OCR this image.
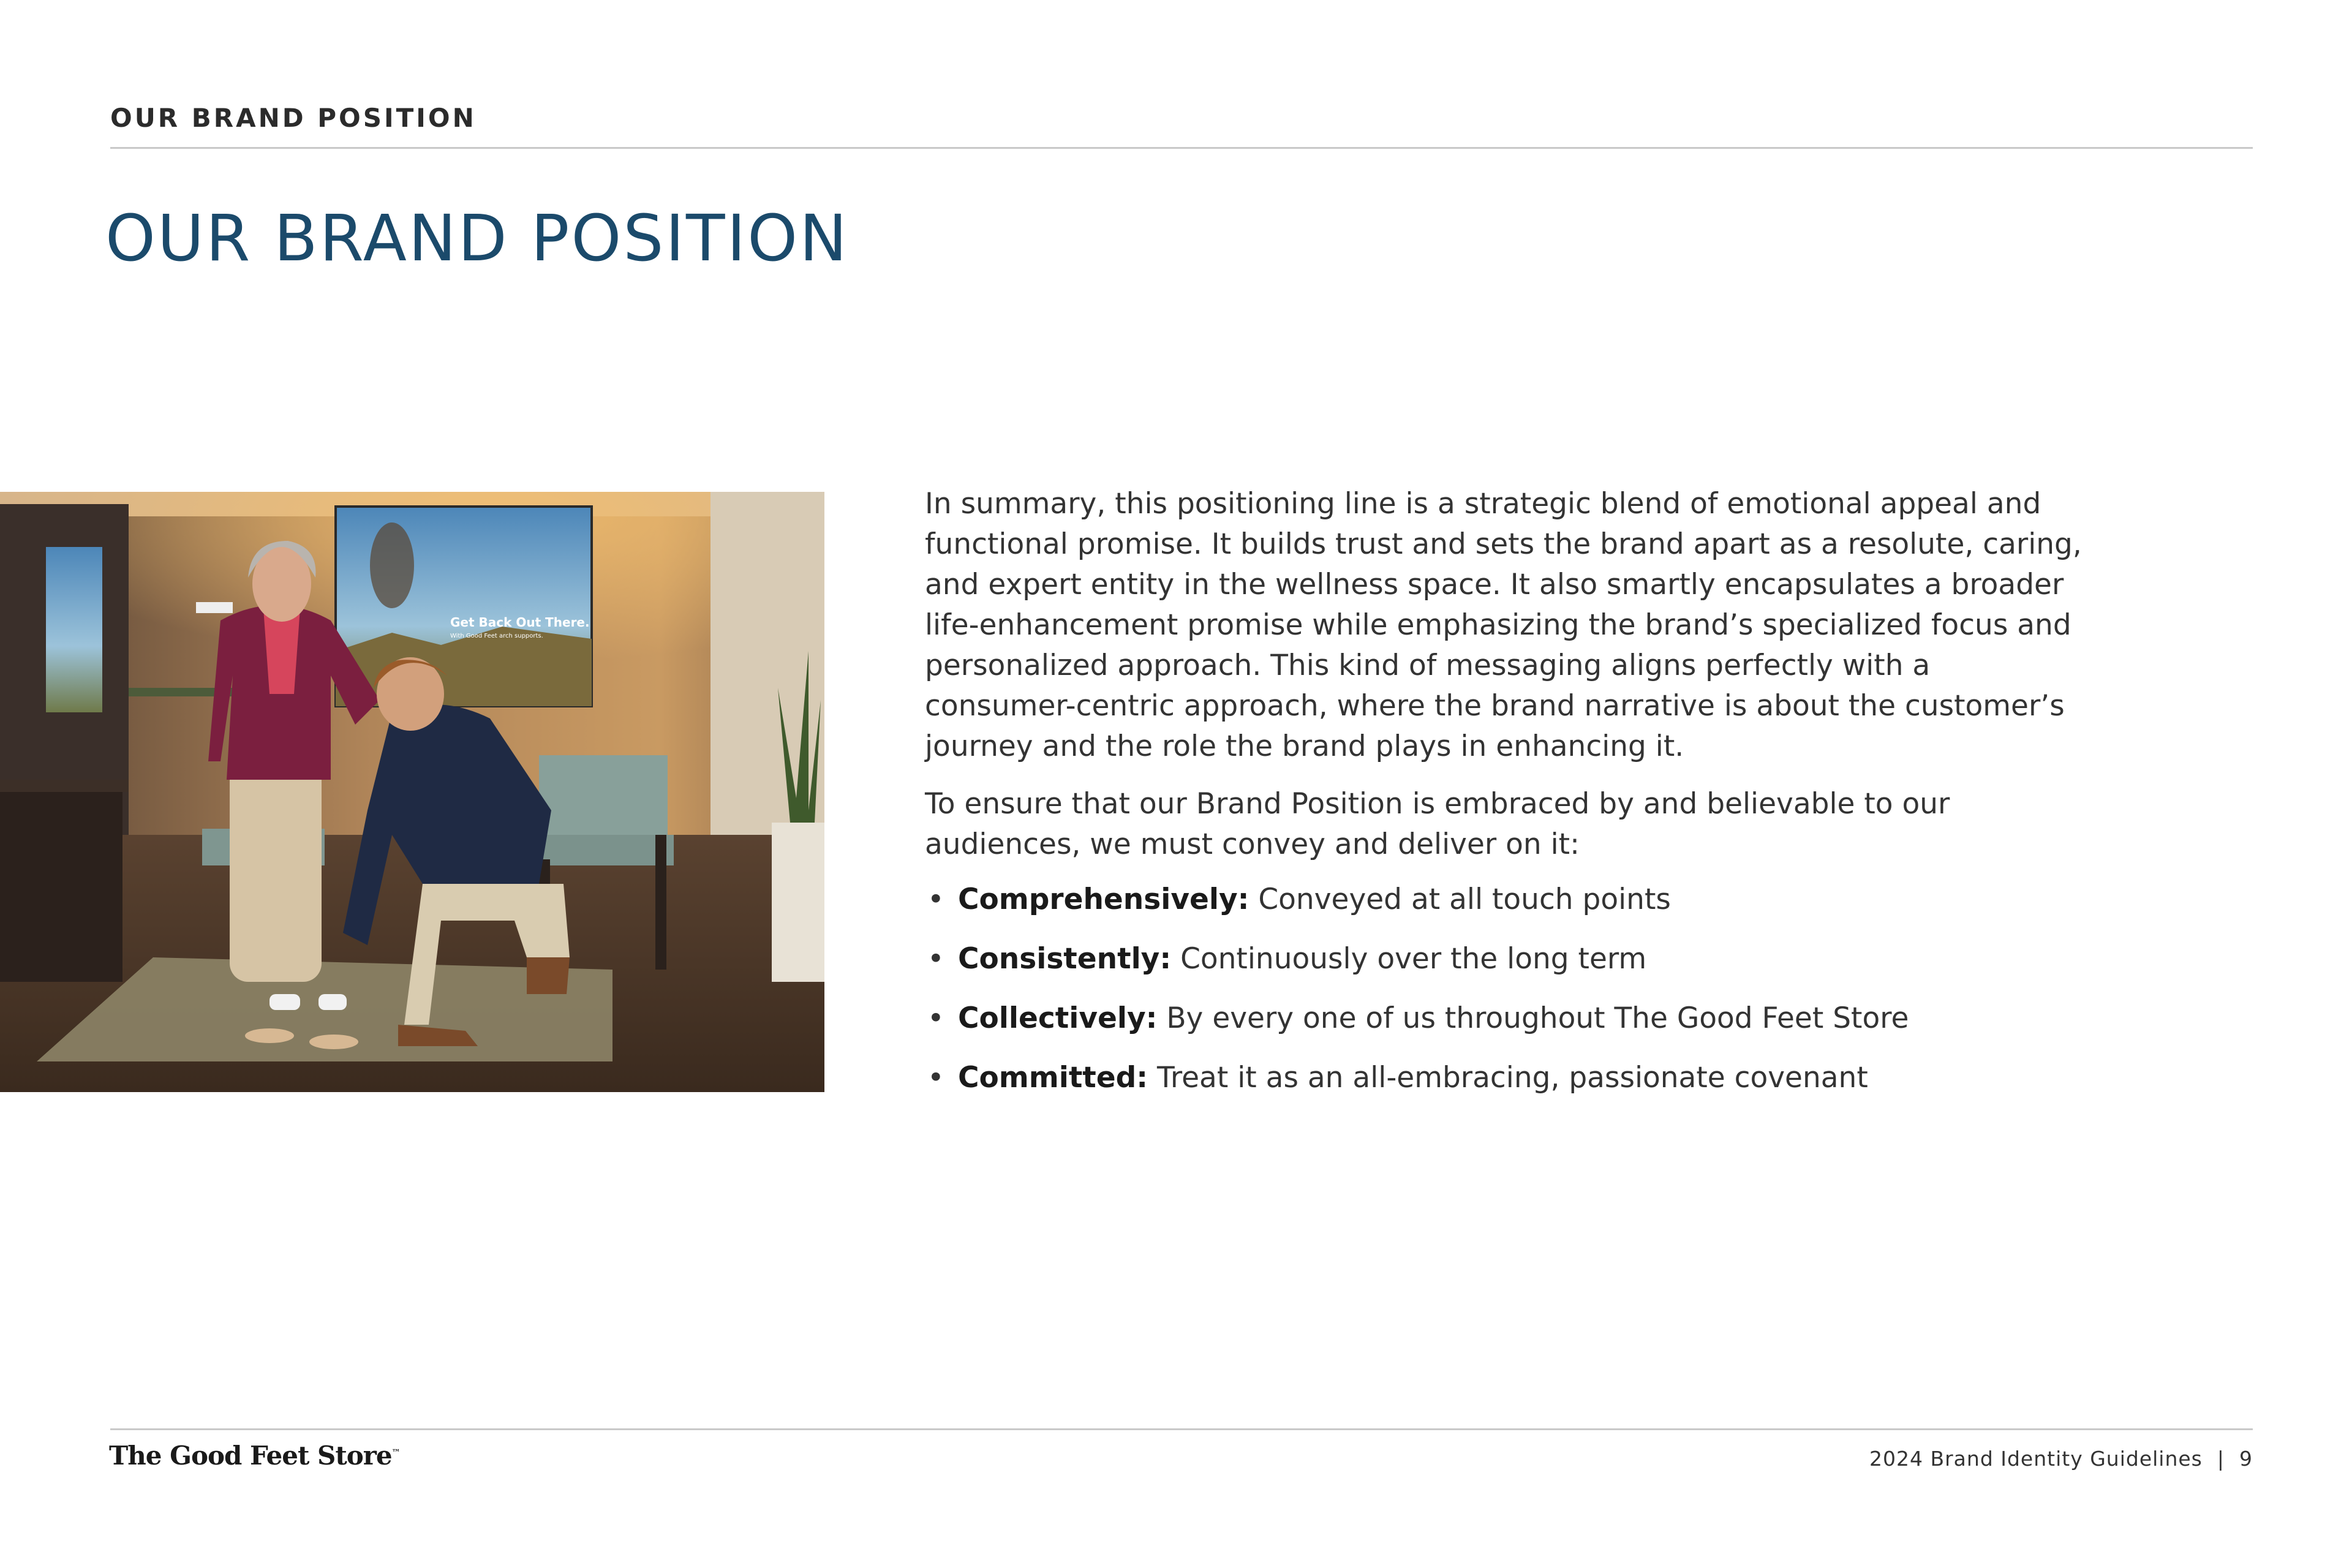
OUR BRAND POSITION
OUR BRAND POSITION
Get Back Out There.
With Good Feet arch supports.

In summary, this positioning line is a strategic blend of emotional appeal and functional promise. It builds trust and sets the brand apart as a resolute, caring, and expert entity in the wellness space. It also smartly encapsulates a broader life-enhancement promise while emphasizing the brand’s specialized focus and personalized approach. This kind of messaging aligns perfectly with a consumer-centric approach, where the brand narrative is about the customer’s journey and the role the brand plays in enhancing it.

To ensure that our Brand Position is embraced by and believable to our audiences, we must convey and deliver on it:

• Comprehensively: Conveyed at all touch points
• Consistently: Continuously over the long term
• Collectively: By every one of us throughout The Good Feet Store
• Committed: Treat it as an all-embracing, passionate covenant
The Good Feet Store™	2024 Brand Identity Guidelines | 9
